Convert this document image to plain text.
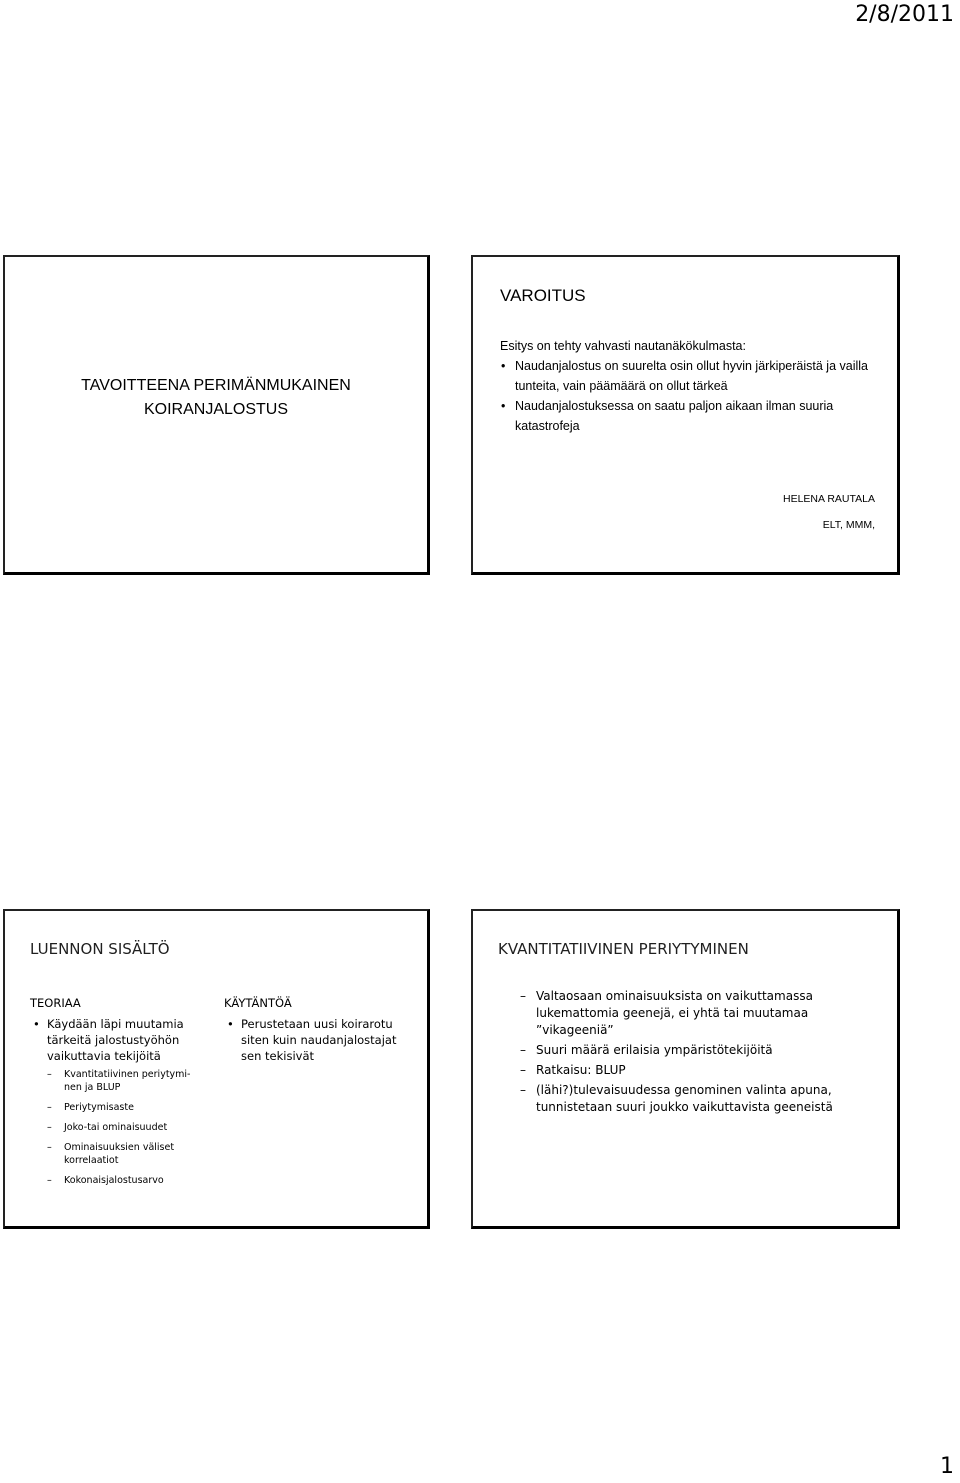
2/8/2011
TAVOITTEENA PERIMÄNMUKAINEN
KOIRANJALOSTUS
VAROITUS
Esitys on tehty vahvasti nautanäkökulmasta:
• Naudanjalostus on suurelta osin ollut hyvin järkiperäistä ja vailla tunteita, vain päämäärä on ollut tärkeä
• Naudanjalostuksessa on saatu paljon aikaan ilman suuria katastrofeja
HELENA RAUTALA
ELT, MMM,
LUENNON SISÄLTÖ
TEORIAA
• Käydään läpi muutamia tärkeitä jalostustyöhön vaikuttavia tekijöitä
– Kvantitatiivinen periytymi-nen ja BLUP
– Periytymisaste
– Joko-tai ominaisuudet
– Ominaisuuksien väliset korrelaatiot
– Kokonaisjalostusarvo
KÄYTÄNTÖÄ
• Perustetaan uusi koirarotu siten kuin naudanjalostajat sen tekisivät
KVANTITATIIVINEN PERIYTYMINEN
– Valtaosaan ominaisuuksista on vaikuttamassa lukemattomia geenejä, ei yhtä tai muutamaa ”vikageeniä”
– Suuri määrä erilaisia ympäristötekijöitä
– Ratkaisu: BLUP
– (lähi?)tulevaisuudessa genominen valinta apuna, tunnistetaan suuri joukko vaikuttavista geeneistä
1
